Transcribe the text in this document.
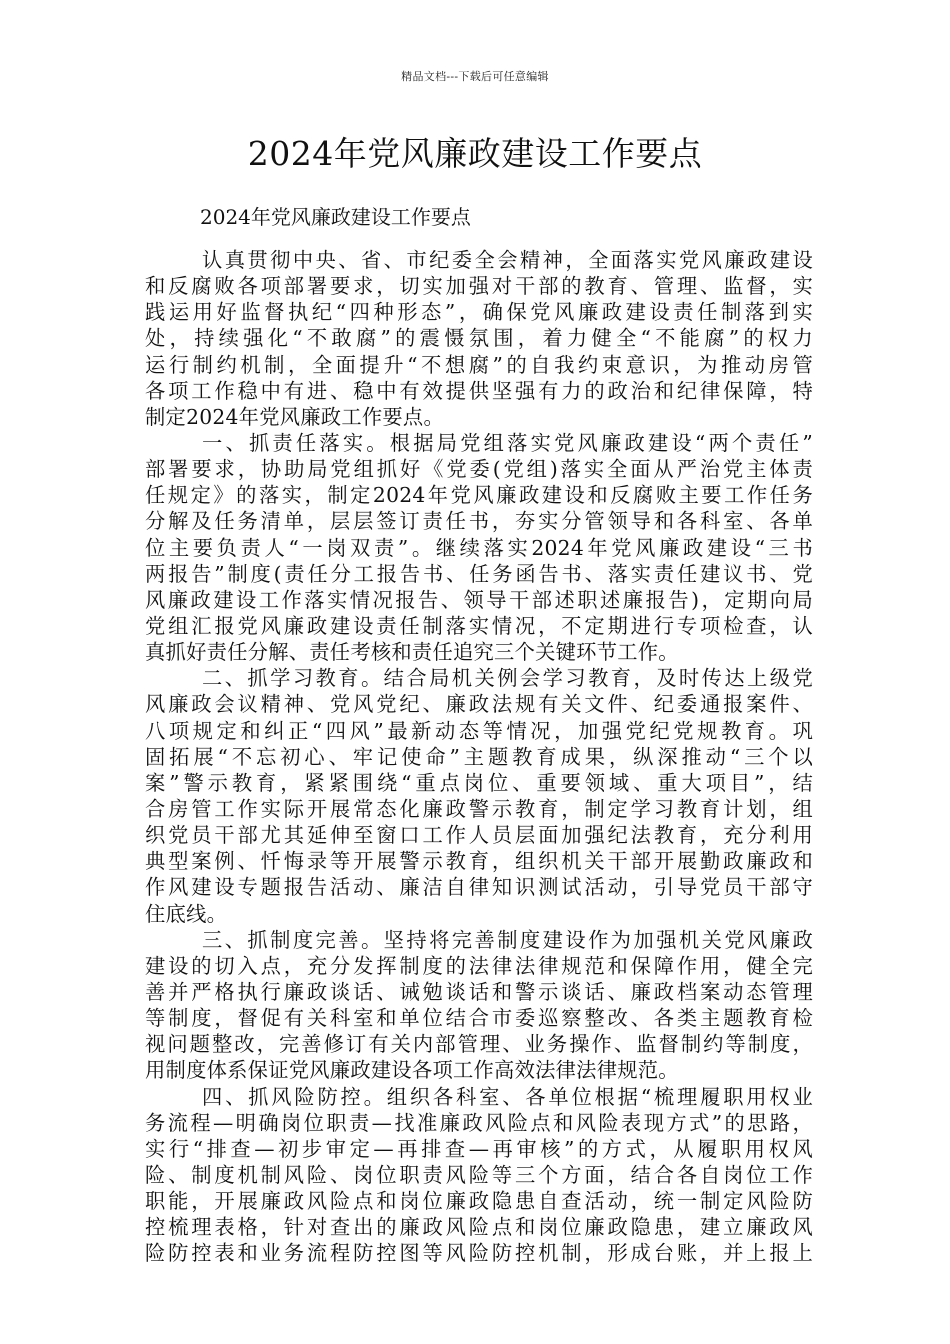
精品文档---下载后可任意编辑
2024年党风廉政建设工作要点

2024年党风廉政建设工作要点

认真贯彻中央、省、市纪委全会精神，全面落实党风廉政建设
和反腐败各项部署要求，切实加强对干部的教育、管理、监督，实
践运用好监督执纪“四种形态”，确保党风廉政建设责任制落到实
处，持续强化“不敢腐”的震慑氛围，着力健全“不能腐”的权力
运行制约机制，全面提升“不想腐”的自我约束意识，为推动房管
各项工作稳中有进、稳中有效提供坚强有力的政治和纪律保障，特
制定2024年党风廉政工作要点。
一、抓责任落实。根据局党组落实党风廉政建设“两个责任”
部署要求，协助局党组抓好《党委(党组)落实全面从严治党主体责
任规定》的落实，制定2024年党风廉政建设和反腐败主要工作任务
分解及任务清单，层层签订责任书，夯实分管领导和各科室、各单
位主要负责人“一岗双责”。继续落实2024年党风廉政建设“三书
两报告”制度(责任分工报告书、任务函告书、落实责任建议书、党
风廉政建设工作落实情况报告、领导干部述职述廉报告)，定期向局
党组汇报党风廉政建设责任制落实情况，不定期进行专项检查，认
真抓好责任分解、责任考核和责任追究三个关键环节工作。
二、抓学习教育。结合局机关例会学习教育，及时传达上级党
风廉政会议精神、党风党纪、廉政法规有关文件、纪委通报案件、
八项规定和纠正“四风”最新动态等情况，加强党纪党规教育。巩
固拓展“不忘初心、牢记使命”主题教育成果，纵深推动“三个以
案”警示教育，紧紧围绕“重点岗位、重要领域、重大项目”，结
合房管工作实际开展常态化廉政警示教育，制定学习教育计划，组
织党员干部尤其延伸至窗口工作人员层面加强纪法教育，充分利用
典型案例、忏悔录等开展警示教育，组织机关干部开展勤政廉政和
作风建设专题报告活动、廉洁自律知识测试活动，引导党员干部守
住底线。
三、抓制度完善。坚持将完善制度建设作为加强机关党风廉政
建设的切入点，充分发挥制度的法律法律规范和保障作用，健全完
善并严格执行廉政谈话、诫勉谈话和警示谈话、廉政档案动态管理
等制度，督促有关科室和单位结合市委巡察整改、各类主题教育检
视问题整改，完善修订有关内部管理、业务操作、监督制约等制度，
用制度体系保证党风廉政建设各项工作高效法律法律规范。
四、抓风险防控。组织各科室、各单位根据“梳理履职用权业
务流程—明确岗位职责—找准廉政风险点和风险表现方式”的思路，
实行“排查—初步审定—再排查—再审核”的方式，从履职用权风
险、制度机制风险、岗位职责风险等三个方面，结合各自岗位工作
职能，开展廉政风险点和岗位廉政隐患自查活动，统一制定风险防
控梳理表格，针对查出的廉政风险点和岗位廉政隐患，建立廉政风
险防控表和业务流程防控图等风险防控机制，形成台账，并上报上
